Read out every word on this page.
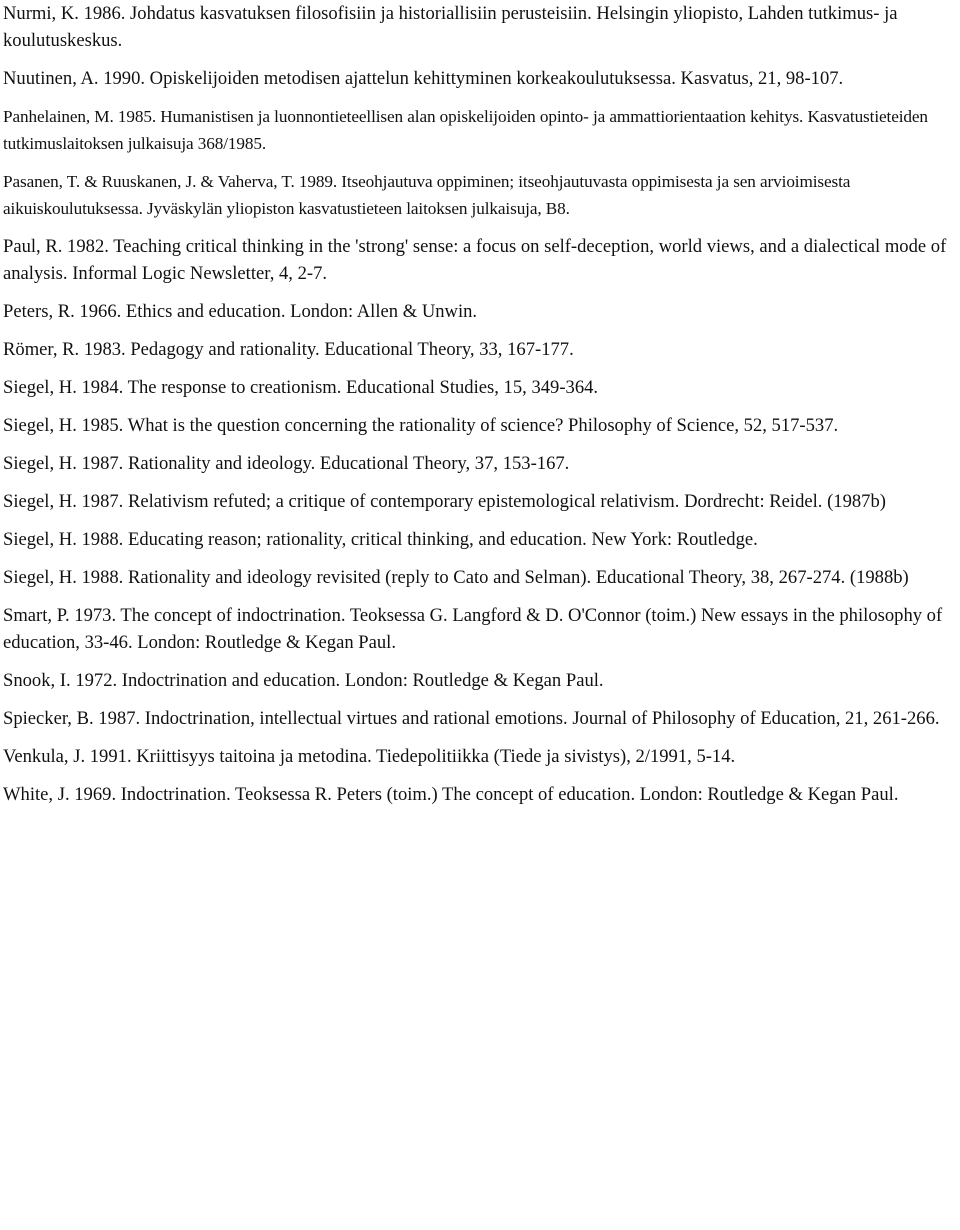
Nurmi, K. 1986. Johdatus kasvatuksen filosofisiin ja historiallisiin perusteisiin. Helsingin yliopisto, Lahden tutkimus- ja koulutuskeskus.

Nuutinen, A. 1990. Opiskelijoiden metodisen ajattelun kehittyminen korkeakoulutuksessa. Kasvatus, 21, 98-107.

Panhelainen, M. 1985. Humanistisen ja luonnontieteellisen alan opiskelijoiden opinto- ja ammattiorientaation kehitys. Kasvatustieteiden tutkimuslaitoksen julkaisuja 368/1985.

Pasanen, T. & Ruuskanen, J. & Vaherva, T. 1989. Itseohjautuva oppiminen; itseohjautuvasta oppimisesta ja sen arvioimisesta aikuiskoulutuksessa. Jyväskylän yliopiston kasvatustieteen laitoksen julkaisuja, B8.

Paul, R. 1982. Teaching critical thinking in the 'strong' sense: a focus on self-deception, world views, and a dialectical mode of analysis. Informal Logic Newsletter, 4, 2-7.

Peters, R. 1966. Ethics and education. London: Allen & Unwin.

Römer, R. 1983. Pedagogy and rationality. Educational Theory, 33, 167-177.

Siegel, H. 1984. The response to creationism. Educational Studies, 15, 349-364.

Siegel, H. 1985. What is the question concerning the rationality of science? Philosophy of Science, 52, 517-537.

Siegel, H. 1987. Rationality and ideology. Educational Theory, 37, 153-167.

Siegel, H. 1987. Relativism refuted; a critique of contemporary epistemological relativism. Dordrecht: Reidel. (1987b)

Siegel, H. 1988. Educating reason; rationality, critical thinking, and education. New York: Routledge.

Siegel, H. 1988. Rationality and ideology revisited (reply to Cato and Selman). Educational Theory, 38, 267-274. (1988b)

Smart, P. 1973. The concept of indoctrination. Teoksessa G. Langford & D. O'Connor (toim.) New essays in the philosophy of education, 33-46. London: Routledge & Kegan Paul.

Snook, I. 1972. Indoctrination and education. London: Routledge & Kegan Paul.

Spiecker, B. 1987. Indoctrination, intellectual virtues and rational emotions. Journal of Philosophy of Education, 21, 261-266.

Venkula, J. 1991. Kriittisyys taitoina ja metodina. Tiedepolitiikka (Tiede ja sivistys), 2/1991, 5-14.

White, J. 1969. Indoctrination. Teoksessa R. Peters (toim.) The concept of education. London: Routledge & Kegan Paul.
